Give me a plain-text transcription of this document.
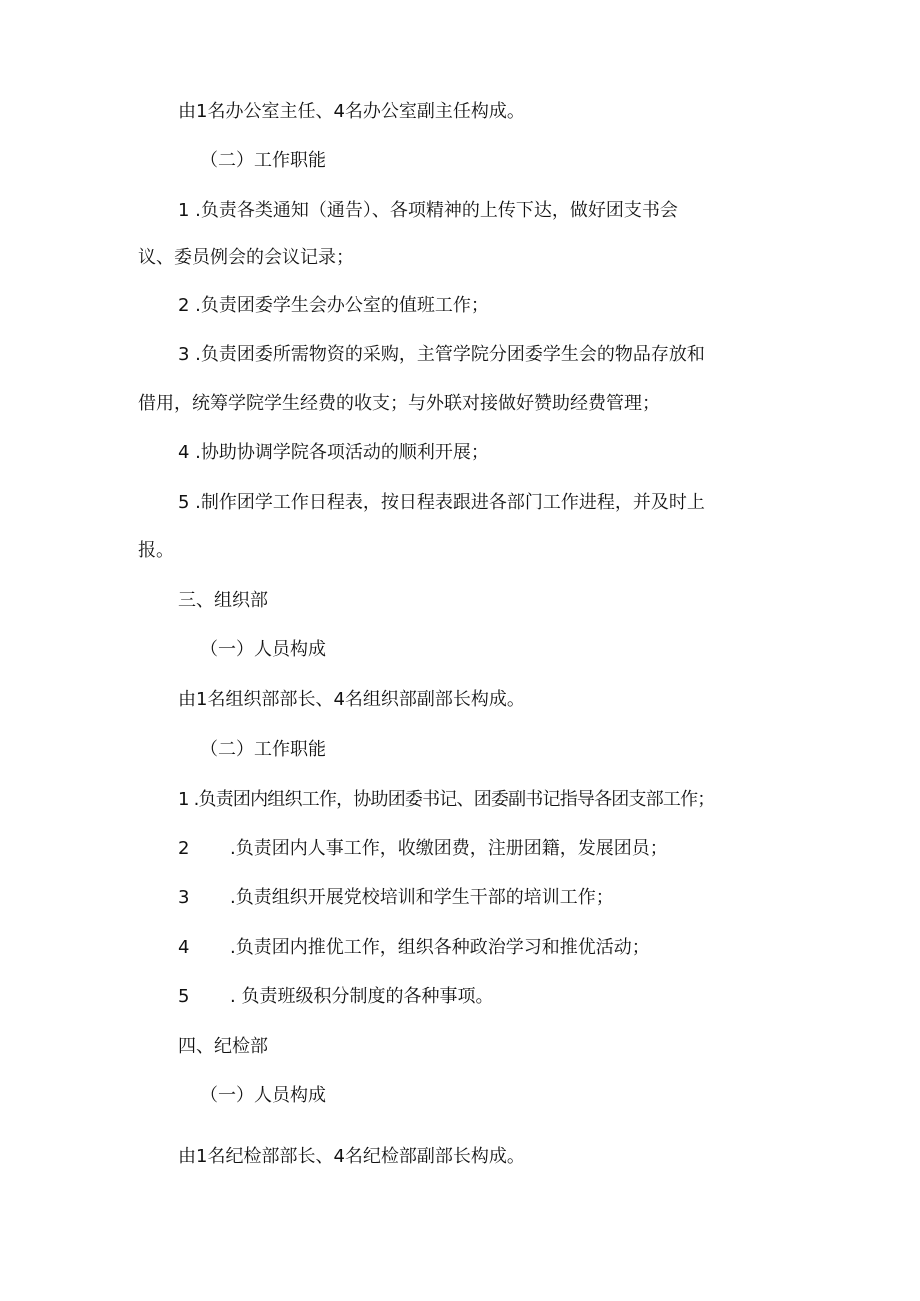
由1名办公室主任、4名办公室副主任构成。
（二）工作职能
1 .负责各类通知（通告）、各项精神的上传下达，做好团支书会
议、委员例会的会议记录；
2 .负责团委学生会办公室的值班工作；
3 .负责团委所需物资的采购，主管学院分团委学生会的物品存放和
借用，统筹学院学生经费的收支；与外联对接做好赞助经费管理；
4 .协助协调学院各项活动的顺利开展；
5 .制作团学工作日程表，按日程表跟进各部门工作进程，并及时上
报。
三、组织部
（一）人员构成
由1名组织部部长、4名组织部副部长构成。
（二）工作职能
1 .负责团内组织工作，协助团委书记、团委副书记指导各团支部工作；
2 .负责团内人事工作，收缴团费，注册团籍，发展团员；
3 .负责组织开展党校培训和学生干部的培训工作；
4 .负责团内推优工作，组织各种政治学习和推优活动；
5 . 负责班级积分制度的各种事项。
四、纪检部
（一）人员构成
由1名纪检部部长、4名纪检部副部长构成。
